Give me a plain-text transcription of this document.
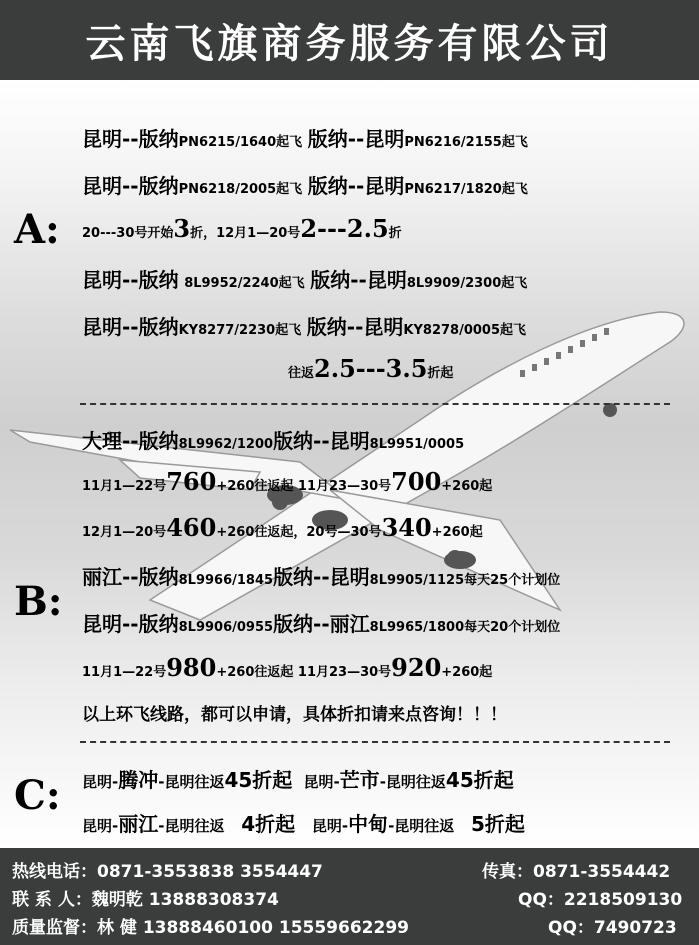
云南飞旗商务服务有限公司
A:
昆明--版纳PN6215/1640起飞 版纳--昆明PN6216/2155起飞
昆明--版纳PN6218/2005起飞 版纳--昆明PN6217/1820起飞
20---30号开始3折，12月1—20号2---2.5折
昆明--版纳 8L9952/2240起飞 版纳--昆明8L9909/2300起飞
昆明--版纳KY8277/2230起飞 版纳--昆明KY8278/0005起飞
往返2.5---3.5折起
B:
大理--版纳8L9962/1200版纳--昆明8L9951/0005
11月1—22号760+260往返起 11月23—30号700+260起
12月1—20号460+260往返起，20号—30号340+260起
丽江--版纳8L9966/1845版纳--昆明8L9905/1125每天25个计划位
昆明--版纳8L9906/0955版纳--丽江8L9965/1800每天20个计划位
11月1—22号980+260往返起 11月23—30号920+260起
以上环飞线路，都可以申请，具体折扣请来点咨询！！！
C: 昆明-腾冲-昆明往返45折起 昆明-芒市-昆明往返45折起
昆明-丽江-昆明往返 4折起 昆明-中甸-昆明往返 5折起
热线电话：0871-3553838 3554447	传真：0871-3554442
联 系 人：魏明乾 13888308374	QQ：2218509130
质量监督：林 健 13888460100 15559662299	QQ：7490723
